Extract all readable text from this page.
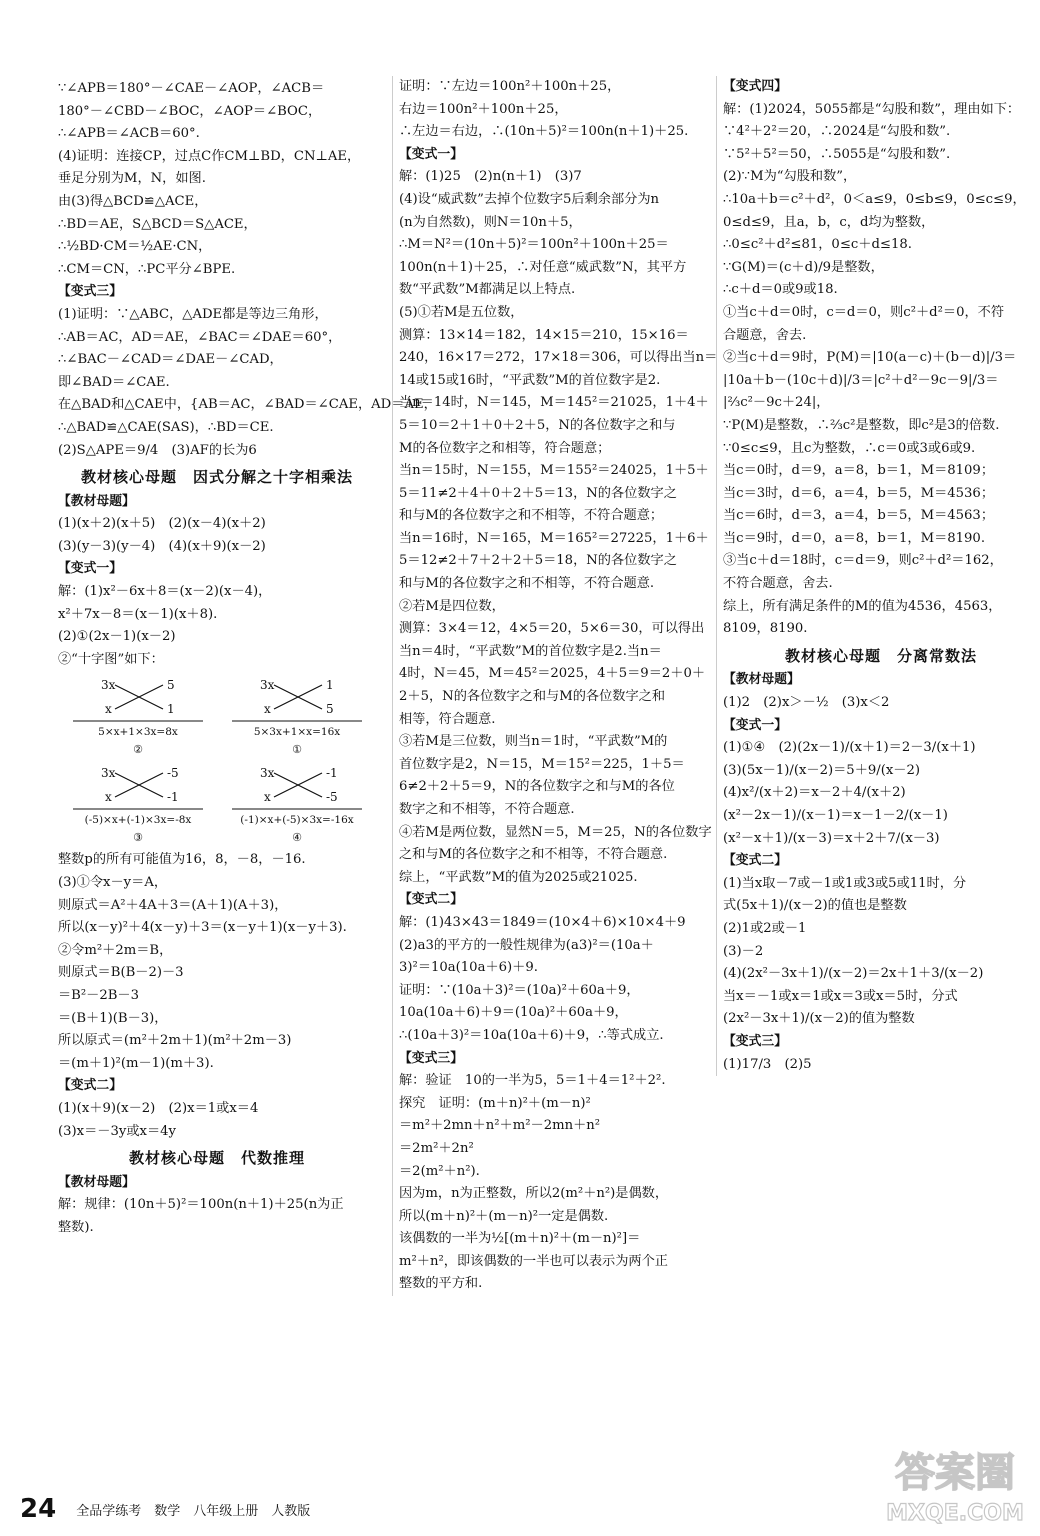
∵∠APB＝180°－∠CAE－∠AOP，∠ACB＝
180°－∠CBD－∠BOC，∠AOP＝∠BOC，
∴∠APB＝∠ACB＝60°.
(4)证明：连接CP，过点C作CM⊥BD，CN⊥AE，
垂足分别为M，N，如图.
由(3)得△BCD≌△ACE，
∴BD＝AE，S△BCD＝S△ACE，
∴½BD·CM＝½AE·CN，
∴CM＝CN，∴PC平分∠BPE.
【变式三】
(1)证明：∵△ABC，△ADE都是等边三角形，
∴AB＝AC，AD＝AE，∠BAC＝∠DAE＝60°，
∴∠BAC－∠CAD＝∠DAE－∠CAD，
即∠BAD＝∠CAE.
在△BAD和△CAE中，{AB＝AC，∠BAD＝∠CAE，AD＝AE，
∴△BAD≌△CAE(SAS)，∴BD＝CE.
(2)S△APE＝9/4　(3)AF的长为6
教材核心母题　因式分解之十字相乘法
【教材母题】
(1)(x＋2)(x＋5)　(2)(x－4)(x＋2)
(3)(y－3)(y－4)　(4)(x＋9)(x－2)
【变式一】
解：(1)x²－6x＋8＝(x－2)(x－4)，
x²＋7x－8＝(x－1)(x＋8).
(2)①(2x－1)(x－2)
②“十字图”如下：
3x	5
x	1
5×x+1×3x=8x
②
3x	1
x	5
5×3x+1×x=16x
①
3x	-5
x	-1
(-5)×x+(-1)×3x=-8x
③
3x	-1
x	-5
(-1)×x+(-5)×3x=-16x
④
整数p的所有可能值为16，8，－8，－16.
(3)①令x－y＝A，
则原式＝A²＋4A＋3＝(A＋1)(A＋3)，
所以(x－y)²＋4(x－y)＋3＝(x－y＋1)(x－y＋3).
②令m²＋2m＝B，
则原式＝B(B－2)－3
＝B²－2B－3
＝(B＋1)(B－3)，
所以原式＝(m²＋2m＋1)(m²＋2m－3)
＝(m＋1)²(m－1)(m＋3).
【变式二】
(1)(x＋9)(x－2)　(2)x＝1或x＝4
(3)x＝－3y或x＝4y
教材核心母题　代数推理
【教材母题】
解：规律：(10n＋5)²＝100n(n＋1)＋25(n为正
整数).
证明：∵左边＝100n²＋100n＋25，
右边＝100n²＋100n＋25，
∴左边＝右边，∴(10n＋5)²＝100n(n＋1)＋25.
【变式一】
解：(1)25　(2)n(n＋1)　(3)7
(4)设“威武数”去掉个位数字5后剩余部分为n
(n为自然数)，则N＝10n＋5，
∴M＝N²＝(10n＋5)²＝100n²＋100n＋25＝
100n(n＋1)＋25，∴对任意“威武数”N，其平方
数“平武数”M都满足以上特点.
(5)①若M是五位数，
测算：13×14＝182，14×15＝210，15×16＝
240，16×17＝272，17×18＝306，可以得出当n＝
14或15或16时，“平武数”M的首位数字是2.
当n＝14时，N＝145，M＝145²＝21025，1＋4＋
5＝10＝2＋1＋0＋2＋5，N的各位数字之和与
M的各位数字之和相等，符合题意；
当n＝15时，N＝155，M＝155²＝24025，1＋5＋
5＝11≠2＋4＋0＋2＋5＝13，N的各位数字之
和与M的各位数字之和不相等，不符合题意；
当n＝16时，N＝165，M＝165²＝27225，1＋6＋
5＝12≠2＋7＋2＋2＋5＝18，N的各位数字之
和与M的各位数字之和不相等，不符合题意.
②若M是四位数，
测算：3×4＝12，4×5＝20，5×6＝30，可以得出
当n＝4时，“平武数”M的首位数字是2.当n＝
4时，N＝45，M＝45²＝2025，4＋5＝9＝2＋0＋
2＋5，N的各位数字之和与M的各位数字之和
相等，符合题意.
③若M是三位数，则当n＝1时，“平武数”M的
首位数字是2，N＝15，M＝15²＝225，1＋5＝
6≠2＋2＋5＝9，N的各位数字之和与M的各位
数字之和不相等，不符合题意.
④若M是两位数，显然N＝5，M＝25，N的各位数字
之和与M的各位数字之和不相等，不符合题意.
综上，“平武数”M的值为2025或21025.
【变式二】
解：(1)43×43＝1849＝(10×4＋6)×10×4＋9
(2)a3的平方的一般性规律为(a3)²＝(10a＋
3)²＝10a(10a＋6)＋9.
证明：∵(10a＋3)²＝(10a)²＋60a＋9，
10a(10a＋6)＋9＝(10a)²＋60a＋9，
∴(10a＋3)²＝10a(10a＋6)＋9，∴等式成立.
【变式三】
解：验证　10的一半为5，5＝1＋4＝1²＋2².
探究　证明：(m＋n)²＋(m－n)²
＝m²＋2mn＋n²＋m²－2mn＋n²
＝2m²＋2n²
＝2(m²＋n²).
因为m，n为正整数，所以2(m²＋n²)是偶数，
所以(m＋n)²＋(m－n)²一定是偶数.
该偶数的一半为½[(m＋n)²＋(m－n)²]＝
m²＋n²，即该偶数的一半也可以表示为两个正
整数的平方和.
【变式四】
解：(1)2024，5055都是“勾股和数”，理由如下：
∵4²＋2²＝20，∴2024是“勾股和数”.
∵5²＋5²＝50，∴5055是“勾股和数”.
(2)∵M为“勾股和数”，
∴10a＋b＝c²＋d²，0＜a≤9，0≤b≤9，0≤c≤9，
0≤d≤9，且a，b，c，d均为整数，
∴0≤c²＋d²≤81，0≤c＋d≤18.
∵G(M)＝(c＋d)/9是整数，
∴c＋d＝0或9或18.
①当c＋d＝0时，c＝d＝0，则c²＋d²＝0，不符
合题意，舍去.
②当c＋d＝9时，P(M)＝|10(a－c)＋(b－d)|/3＝
|10a＋b－(10c＋d)|/3＝|c²＋d²－9c－9|/3＝
|⅔c²－9c＋24|，
∵P(M)是整数，∴⅔c²是整数，即c²是3的倍数.
∵0≤c≤9，且c为整数，∴c＝0或3或6或9.
当c＝0时，d＝9，a＝8，b＝1，M＝8109；
当c＝3时，d＝6，a＝4，b＝5，M＝4536；
当c＝6时，d＝3，a＝4，b＝5，M＝4563；
当c＝9时，d＝0，a＝8，b＝1，M＝8190.
③当c＋d＝18时，c＝d＝9，则c²＋d²＝162，
不符合题意，舍去.
综上，所有满足条件的M的值为4536，4563，
8109，8190.
教材核心母题　分离常数法
【教材母题】
(1)2　(2)x＞－½　(3)x＜2
【变式一】
(1)①④　(2)(2x－1)/(x＋1)＝2－3/(x＋1)
(3)(5x－1)/(x－2)＝5＋9/(x－2)
(4)x²/(x＋2)＝x－2＋4/(x＋2)
(x²－2x－1)/(x－1)＝x－1－2/(x－1)
(x²－x＋1)/(x－3)＝x＋2＋7/(x－3)
【变式二】
(1)当x取－7或－1或1或3或5或11时，分
式(5x＋1)/(x－2)的值也是整数
(2)1或2或－1
(3)－2
(4)(2x²－3x＋1)/(x－2)＝2x＋1＋3/(x－2)
当x＝－1或x＝1或x＝3或x＝5时，分式
(2x²－3x＋1)/(x－2)的值为整数
【变式三】
(1)17/3　(2)5
24 全品学练考　数学　八年级上册　人教版
答案圈
MXQE.COM
